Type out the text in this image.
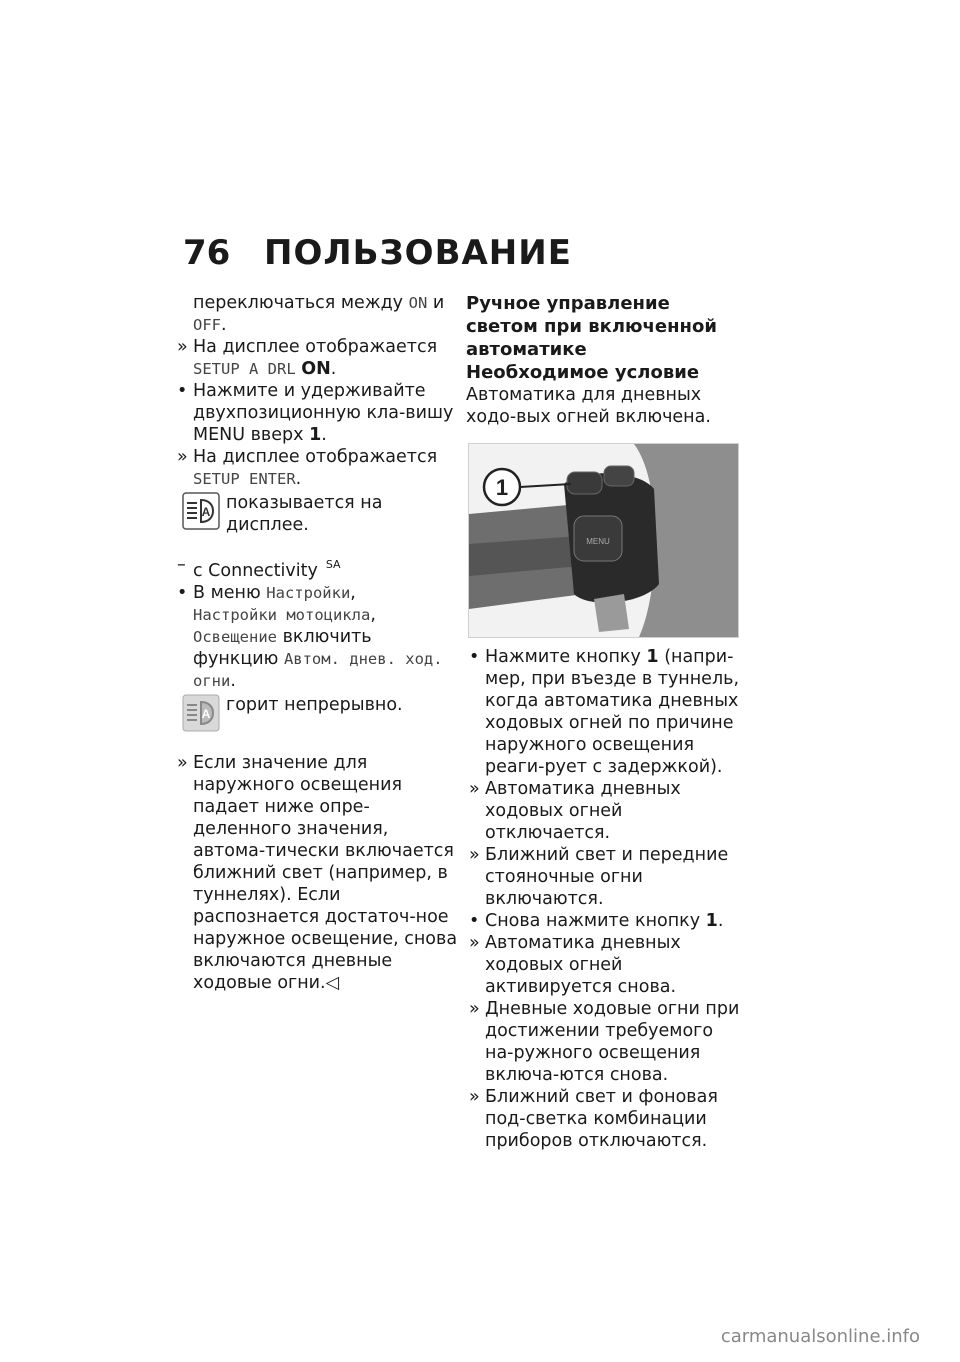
76 ПОЛЬЗОВАНИЕ
переключаться между ON и
OFF.
» На дисплее отображается
SETUP A DRL ON.
• Нажмите и удерживайте двухпозиционную кла-вишу MENU вверх 1.
» На дисплее отображается
SETUP ENTER.
A показывается на дисплее.
– с Connectivity $^{SA}$
• В меню Настройки,
Настройки мотоцикла,
Освещение включить функцию Автом. днев. ход. огни.
A горит непрерывно.
» Если значение для наружного освещения падает ниже опре-деленного значения, автома-тически включается ближний свет (например, в туннелях). Если распознается достаточ-ное наружное освещение, снова включаются дневные ходовые огни.◁
Ручное управление светом при включенной автоматике
Необходимое условие
Автоматика для дневных ходо-вых огней включена.
MENU
1
• Нажмите кнопку 1 (напри-мер, при въезде в туннель, когда автоматика дневных ходовых огней по причине наружного освещения реаги-рует с задержкой).
» Автоматика дневных ходовых огней отключается.
» Ближний свет и передние стояночные огни включаются.
• Снова нажмите кнопку 1.
» Автоматика дневных ходовых огней активируется снова.
» Дневные ходовые огни при достижении требуемого на-ружного освещения включа-ются снова.
» Ближний свет и фоновая под-светка комбинации приборов отключаются.
carmanualsonline.info
